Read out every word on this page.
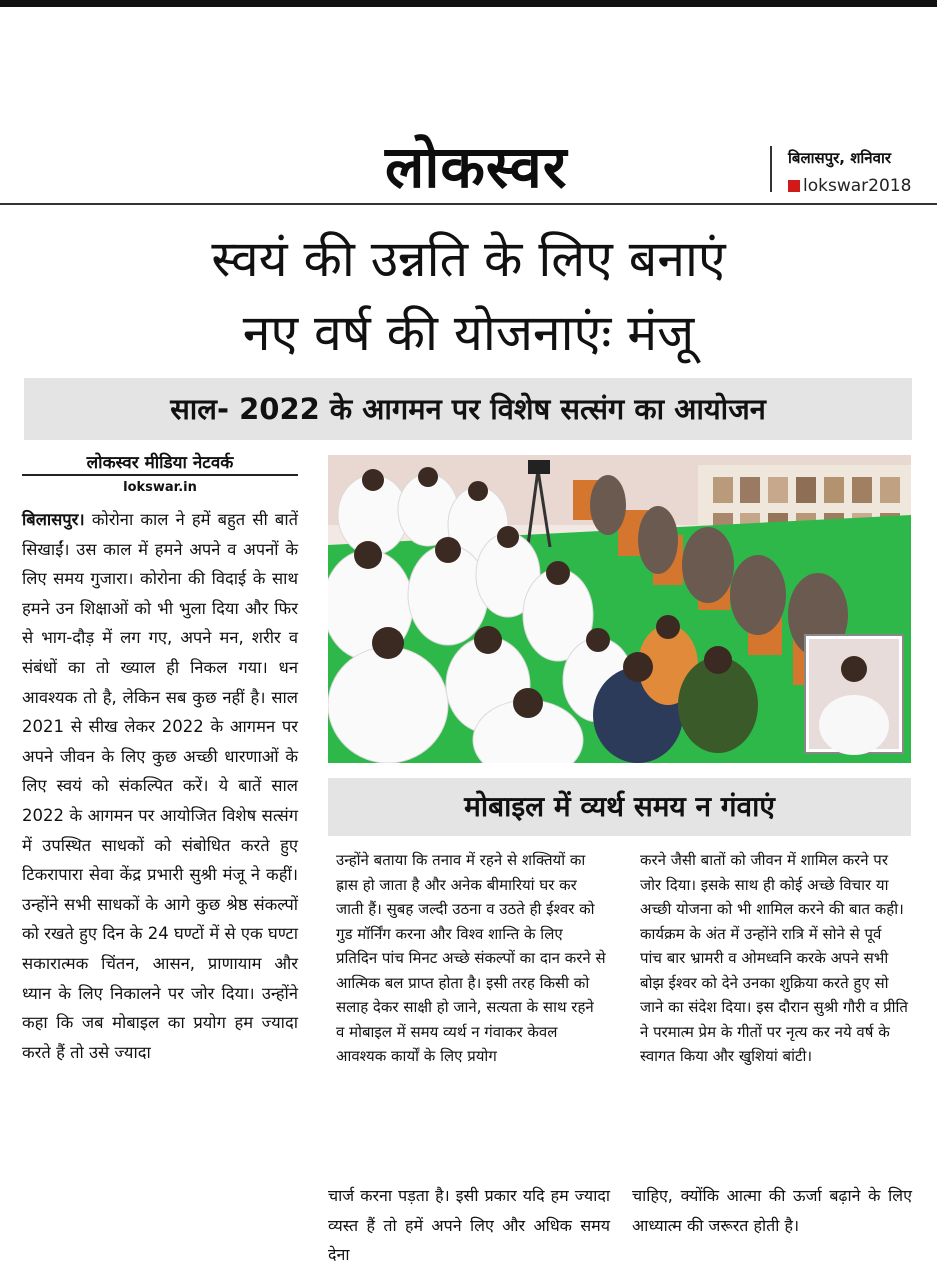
लोकस्वर	बिलासपुर, शनिवार
lokswar2018
स्वयं की उन्नति के लिए बनाएं
नए वर्ष की योजनाएंः मंजू
साल- 2022 के आगमन पर विशेष सत्संग का आयोजन
लोकस्वर मीडिया नेटवर्क
lokswar.in
बिलासपुर। कोरोना काल ने हमें बहुत सी बातें सिखाईं। उस काल में हमने अपने व अपनों के लिए समय गुजारा। कोरोना की विदाई के साथ हमने उन शिक्षाओं को भी भुला दिया और फिर से भाग-दौड़ में लग गए, अपने मन, शरीर व संबंधों का तो ख्याल ही निकल गया। धन आवश्यक तो है, लेकिन सब कुछ नहीं है। साल 2021 से सीख लेकर 2022 के आगमन पर अपने जीवन के लिए कुछ अच्छी धारणाओं के लिए स्वयं को संकल्पित करें। ये बातें साल 2022 के आगमन पर आयोजित विशेष सत्संग में उपस्थित साधकों को संबोधित करते हुए टिकरापारा सेवा केंद्र प्रभारी सुश्री मंजू ने कहीं। उन्होंने सभी साधकों के आगे कुछ श्रेष्ठ संकल्पों को रखते हुए दिन के 24 घण्टों में से एक घण्टा सकारात्मक चिंतन, आसन, प्राणायाम और ध्यान के लिए निकालने पर जोर दिया। उन्होंने कहा कि जब मोबाइल का प्रयोग हम ज्यादा करते हैं तो उसे ज्यादा
मोबाइल में व्यर्थ समय न गंवाएं
उन्होंने बताया कि तनाव में रहने से शक्तियों का ह्रास हो जाता है और अनेक बीमारियां घर कर जाती हैं। सुबह जल्दी उठना व उठते ही ईश्वर को गुड मॉर्निंग करना और विश्व शान्ति के लिए प्रतिदिन पांच मिनट अच्छे संकल्पों का दान करने से आत्मिक बल प्राप्त होता है। इसी तरह किसी को सलाह देकर साक्षी हो जाने, सत्यता के साथ रहने व मोबाइल में समय व्यर्थ न गंवाकर केवल आवश्यक कार्यों के लिए प्रयोग
करने जैसी बातों को जीवन में शामिल करने पर जोर दिया। इसके साथ ही कोई अच्छे विचार या अच्छी योजना को भी शामिल करने की बात कही। कार्यक्रम के अंत में उन्होंने रात्रि में सोने से पूर्व पांच बार भ्रामरी व ओमध्वनि करके अपने सभी बोझ ईश्वर को देने उनका शुक्रिया करते हुए सो जाने का संदेश दिया। इस दौरान सुश्री गौरी व प्रीति ने परमात्म प्रेम के गीतों पर नृत्य कर नये वर्ष के स्वागत किया और खुशियां बांटी।
चार्ज करना पड़ता है। इसी प्रकार यदि हम ज्यादा व्यस्त हैं तो हमें अपने लिए और अधिक समय देना
चाहिए, क्योंकि आत्मा की ऊर्जा बढ़ाने के लिए आध्यात्म की जरूरत होती है।
